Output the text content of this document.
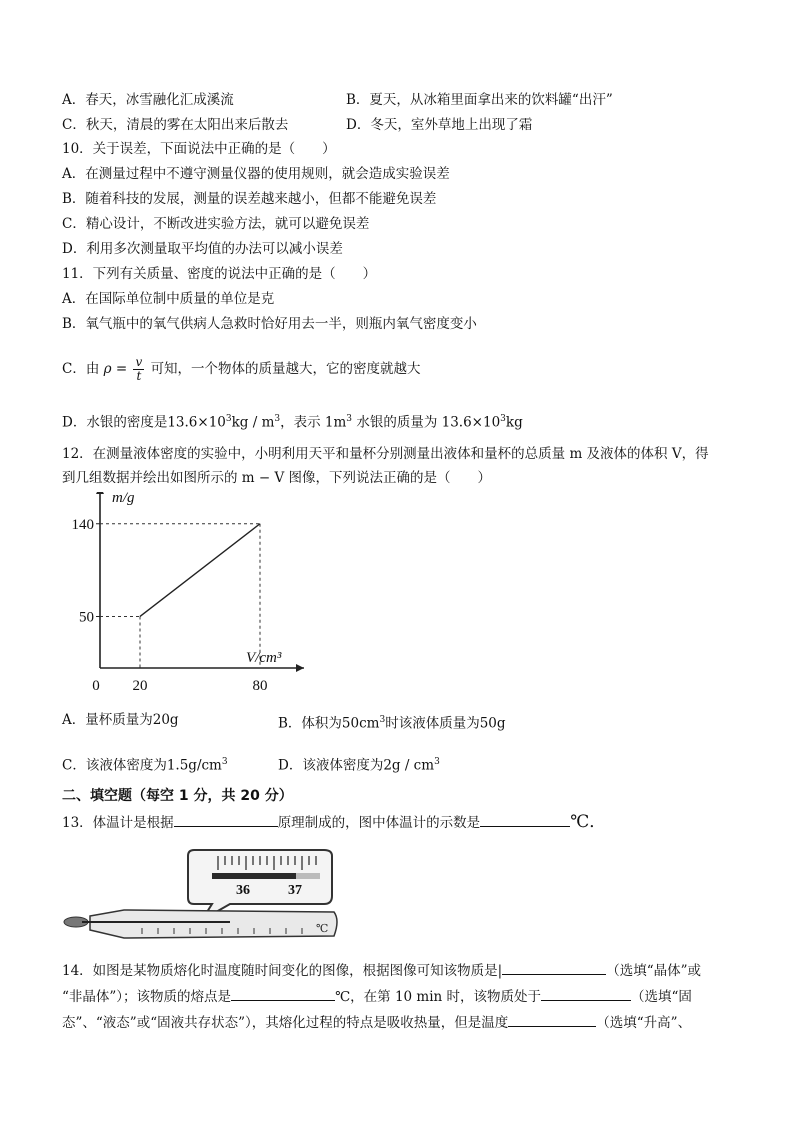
A．春天，冰雪融化汇成溪流	B．夏天，从冰箱里面拿出来的饮料罐“出汗”
C．秋天，清晨的雾在太阳出来后散去	D．冬天，室外草地上出现了霜
10．关于误差，下面说法中正确的是（　　）
A．在测量过程中不遵守测量仪器的使用规则，就会造成实验误差
B．随着科技的发展，测量的误差越来越小，但都不能避免误差
C．精心设计，不断改进实验方法，就可以避免误差
D．利用多次测量取平均值的办法可以减小误差
11．下列有关质量、密度的说法中正确的是（　　）
A．在国际单位制中质量的单位是克
B．氧气瓶中的氧气供病人急救时恰好用去一半，则瓶内氧气密度变小
C．由 $\rho = \frac{v}{t}$ 可知，一个物体的质量越大，它的密度就越大
D．水银的密度是$13.6\times 10^3kg / m^3$，表示 $1m^3$ 水银的质量为 $13.6\times 10^3kg$
12．在测量液体密度的实验中，小明利用天平和量杯分别测量出液体和量杯的总质量 m 及液体的体积 V，得
到几组数据并绘出如图所示的 m − V 图像，下列说法正确的是（　　）
50
140
0 20	80
m/g
V/cm³
A．量杯质量为20g	B．体积为$50cm^3$时该液体质量为50g
C．该液体密度为$1.5g/cm^3$	D．该液体密度为$2g / cm^3$
二、填空题（每空 1 分，共 20 分）
13．体温计是根据	原理制成的，图中体温计的示数是	℃．
36	37
℃
14．如图是某物质熔化时温度随时间变化的图像，根据图像可知该物质是|	（选填“晶体”或
“非晶体”）；该物质的熔点是	℃，在第 10 min 时，该物质处于	（选填“固
态”、“液态”或“固液共存状态”），其熔化过程的特点是吸收热量，但是温度	（选填“升高”、
